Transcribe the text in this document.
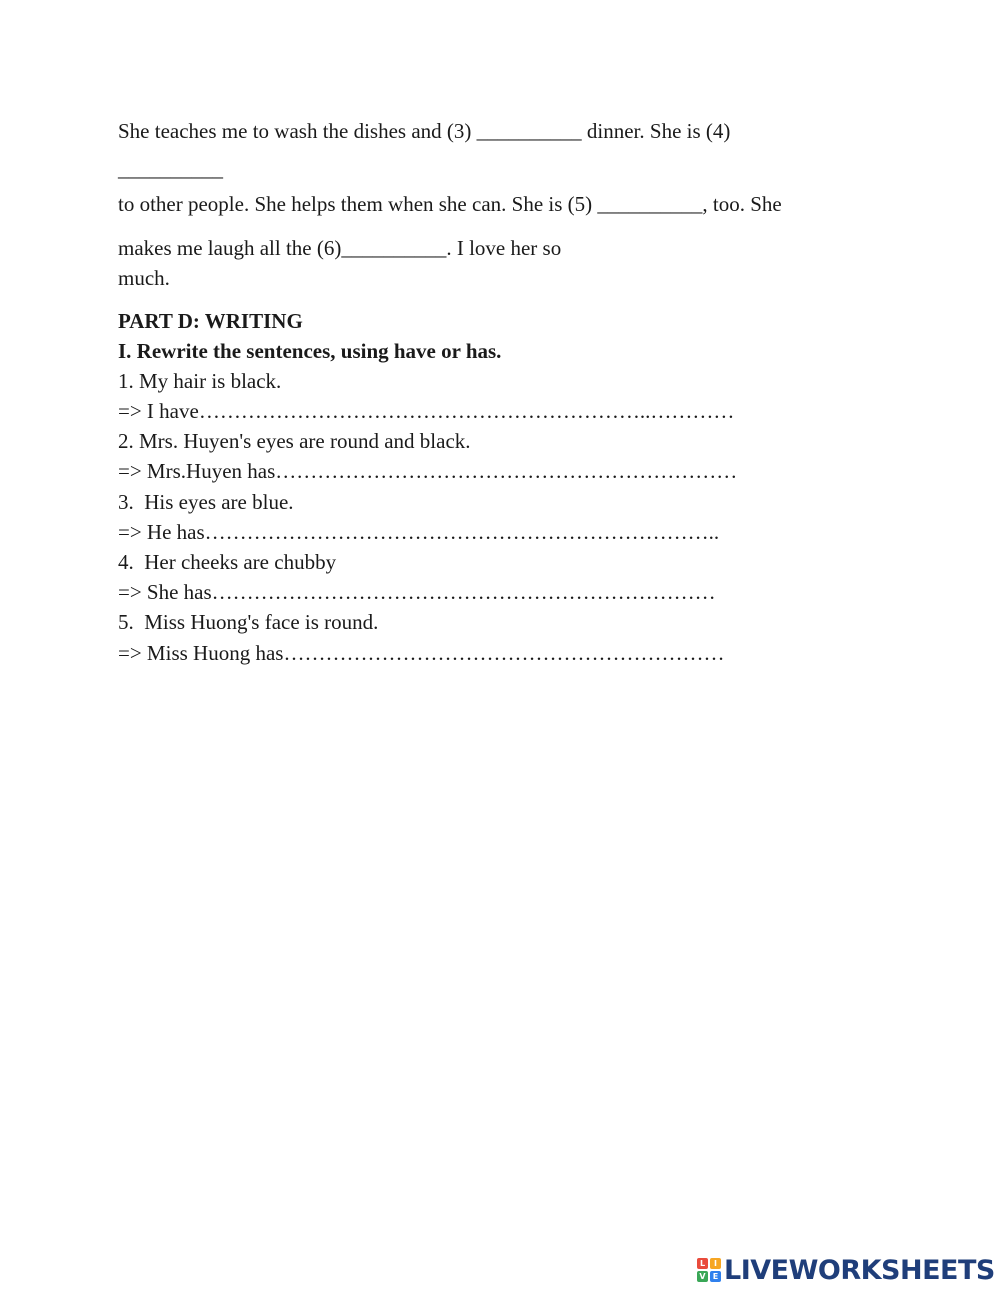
She teaches me to wash the dishes and (3) __________ dinner. She is (4)
__________
to other people. She helps them when she can. She is (5) __________, too. She
makes me laugh all the (6)__________. I love her so
much.
PART D: WRITING
I. Rewrite the sentences, using have or has.
1. My hair is black.
=> I have………………………………………………………..…………
2. Mrs. Huyen's eyes are round and black.
=> Mrs.Huyen has…………………………………………………………
3.  His eyes are blue.
=> He has………………………………………………………………..
4.  Her cheeks are chubby
=> She has………………………………………………………………
5.  Miss Huong's face is round.
=> Miss Huong has………………………………………………………
L	I
V E LIVEWORKSHEETS
